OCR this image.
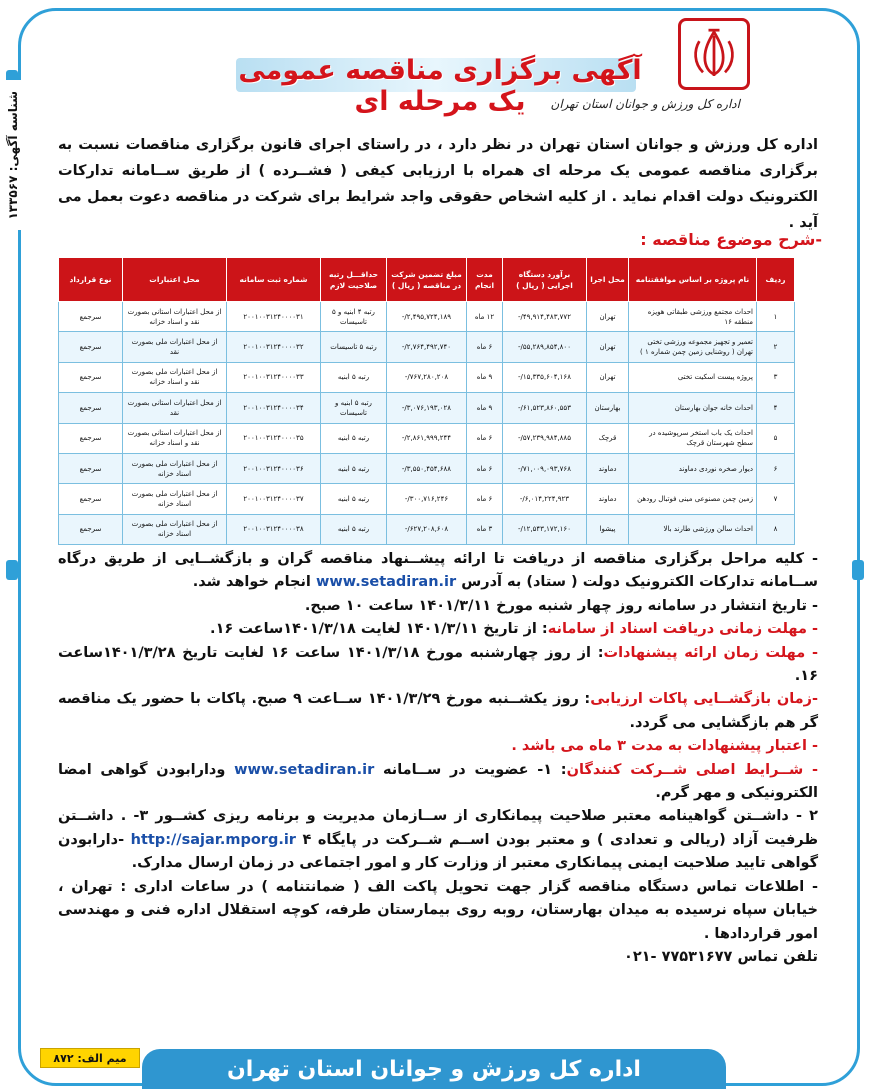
شناسه آگهی: ۱۳۳۵۶۷
آگهی برگزاری مناقصه عمومی یک مرحله ای	اداره کل ورزش و جوانان استان تهران
اداره کل ورزش و جوانان استان تهران در نظر دارد ، در راستای اجرای قانون برگزاری مناقصات نسبت به برگزاری مناقصه عمومی یک مرحله ای همراه با ارزیابی کیفی ( فشــرده ) از طریق ســامانه تدارکات الکترونیک دولت اقدام نماید . از کلیه اشخاص حقوقی واجد شرایط برای شرکت در مناقصه دعوت بعمل می آید .
-شرح موضوع مناقصه :
ردیف	نام پروژه بر اساس موافقتنامه	محل اجرا	برآورد دستگاه اجرایی ( ریال )	مدت انجام	مبلغ تضمین شرکت در مناقصه ( ریال )	حداقـــل رتبه صلاحیت لازم	شماره ثبت سامانه	محل اعتبارات	نوع قرارداد
۱	احداث مجتمع ورزشی طبقاتی هویزه منطقه ۱۶	تهران	۴۹,۹۱۴,۴۸۳,۷۷۲/-	۱۲ ماه	۲,۴۹۵,۷۲۴,۱۸۹/-	رتبه ۴ ابنیه و ۵ تاسیسات	۲۰۰۱۰۰۳۱۲۴۰۰۰۰۳۱	از محل اعتبارات استانی بصورت نقد و اسناد خزانه	سرجمع
۲	تعمیر و تجهیز مجموعه ورزشی تختی تهران ( روشنایی زمین چمن شماره ۱ )	تهران	۵۵,۲۸۹,۸۵۴,۸۰۰/-	۶ ماه	۲,۷۶۴,۴۹۲,۷۴۰/-	رتبه ۵ تاسیسات	۲۰۰۱۰۰۳۱۲۴۰۰۰۰۳۲	از محل اعتبارات ملی بصورت نقد	سرجمع
۳	پروژه پیست اسکیت تختی	تهران	۱۵,۳۳۵,۶۰۴,۱۶۸/-	۹ ماه	۷۶۷,۲۸۰,۲۰۸/-	رتبه ۵ ابنیه	۲۰۰۱۰۰۳۱۲۴۰۰۰۰۳۳	از محل اعتبارات ملی بصورت نقد و اسناد خزانه	سرجمع
۴	احداث خانه جوان بهارستان	بهارستان	۶۱,۵۲۳,۸۶۰,۵۵۳/-	۹ ماه	۳,۰۷۶,۱۹۳,۰۲۸/-	رتبه ۵ ابنیه و تاسیسات	۲۰۰۱۰۰۳۱۲۴۰۰۰۰۳۴	از محل اعتبارات استانی بصورت نقد	سرجمع
۵	احداث یک باب استخر سرپوشیده در سطح شهرستان قرچک	قرچک	۵۷,۲۳۹,۹۸۴,۸۸۵/-	۶ ماه	۲,۸۶۱,۹۹۹,۲۴۴/-	رتبه ۵ ابنیه	۲۰۰۱۰۰۳۱۲۴۰۰۰۰۳۵	از محل اعتبارات استانی بصورت نقد و اسناد خزانه	سرجمع
۶	دیوار صخره نوردی دماوند	دماوند	۷۱,۰۰۹,۰۹۳,۷۶۸/-	۶ ماه	۳,۵۵۰,۴۵۴,۶۸۸/-	رتبه ۵ ابنیه	۲۰۰۱۰۰۳۱۲۴۰۰۰۰۳۶	از محل اعتبارات ملی بصورت اسناد خزانه	سرجمع
۷	زمین چمن مصنوعی مینی فوتبال رودهن	دماوند	۶,۰۱۴,۲۲۴,۹۲۳/-	۶ ماه	۳۰۰,۷۱۶,۲۴۶/-	رتبه ۵ ابنیه	۲۰۰۱۰۰۳۱۲۴۰۰۰۰۳۷	از محل اعتبارات ملی بصورت اسناد خزانه	سرجمع
۸	احداث سالن ورزشی طارند بالا	پیشوا	۱۲,۵۴۳,۱۷۲,۱۶۰/-	۳ ماه	۶۲۷,۲۰۸,۶۰۸/-	رتبه ۵ ابنیه	۲۰۰۱۰۰۳۱۲۴۰۰۰۰۳۸	از محل اعتبارات ملی بصورت اسناد خزانه	سرجمع

- کلیه مراحل برگزاری مناقصه از دریافت تا ارائه پیشــنهاد مناقصه گران و بازگشــایی از طریق درگاه ســامانه تدارکات الکترونیک دولت ( ستاد) به آدرس www.setadiran.ir انجام خواهد شد.

- تاریخ انتشار در سامانه روز چهار شنبه مورخ ۱۴۰۱/۳/۱۱ ساعت ۱۰ صبح.

- مهلت زمانی دریافت اسناد از سامانه: از تاریخ ۱۴۰۱/۳/۱۱ لغایت ۱۴۰۱/۳/۱۸ساعت ۱۶.

- مهلت زمان ارائه پیشنهادات: از روز چهارشنبه مورخ ۱۴۰۱/۳/۱۸ ساعت ۱۶ لغایت تاریخ ۱۴۰۱/۳/۲۸ساعت ۱۶.

-زمان بازگشــایی پاکات ارزیابی: روز یکشــنبه مورخ ۱۴۰۱/۳/۲۹ ســاعت ۹ صبح. پاکات با حضور یک مناقصه گر هم بازگشایی می گردد.

- اعتبار پیشنهادات به مدت ۳ ماه می باشد .

- شــرایط اصلی شــرکت کنندگان: ۱- عضویت در ســامانه www.setadiran.ir ودارابودن گواهی امضا الکترونیکی و مهر گرم.

۲ - داشــتن گواهینامه معتبر صلاحیت پیمانکاری از ســازمان مدیریت و برنامه ریزی کشــور ۳- . داشــتن ظرفیت آزاد (ریالی و تعدادی ) و معتبر بودن اســم شــرکت در پایگاه http://sajar.mporg.ir ۴ -دارابودن گواهی تایید صلاحیت ایمنی پیمانکاری معتبر از وزارت کار و امور اجتماعی در زمان ارسال مدارک.

- اطلاعات تماس دستگاه مناقصه گزار جهت تحویل پاکت الف ( ضمانتنامه ) در ساعات اداری : تهران ، خیابان سپاه نرسیده به میدان بهارستان، روبه روی بیمارستان طرفه، کوچه استقلال اداره فنی و مهندسی امور قراردادها .

تلفن تماس ۷۷۵۳۱۶۷۷ -۰۲۱

میم الف: ۸۷۲	اداره کل ورزش و جوانان استان تهران
